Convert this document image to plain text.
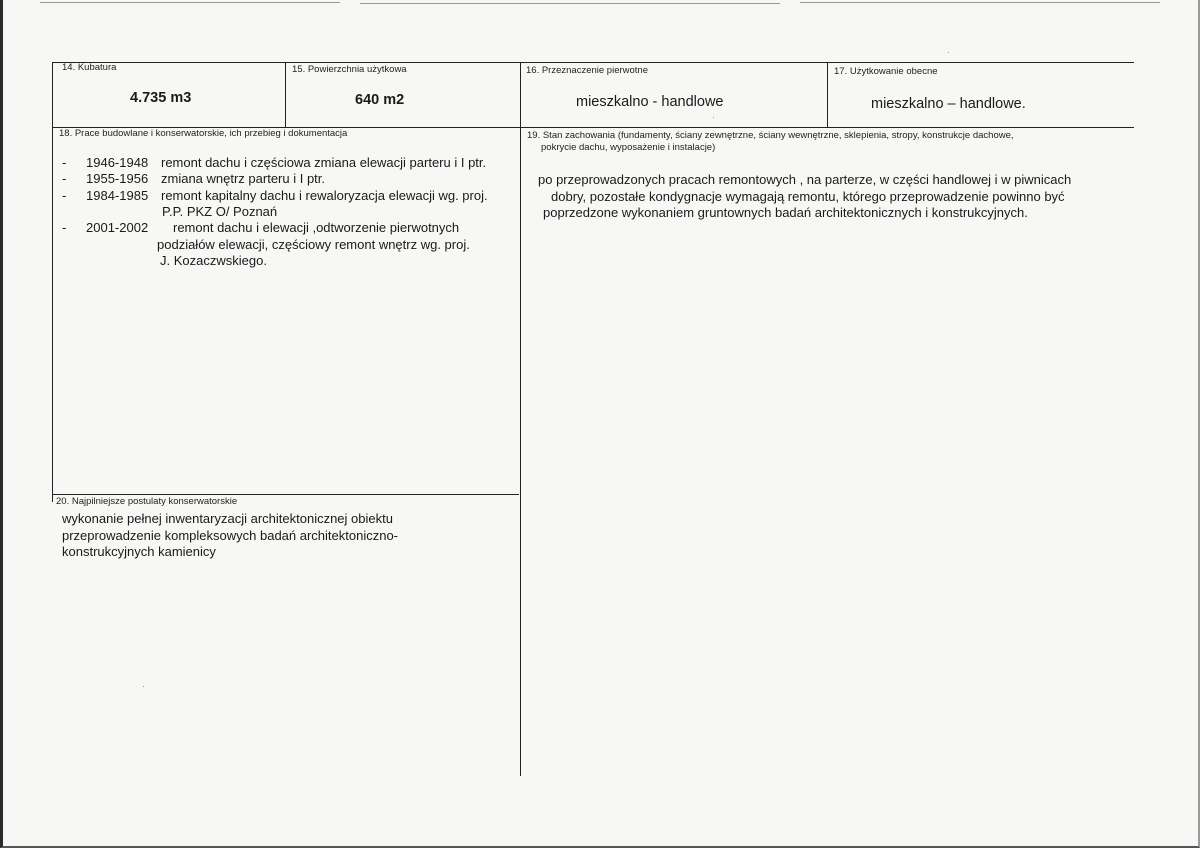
14. Kubatura
4.735 m3
15. Powierzchnia użytkowa
640 m2
16. Przeznaczenie pierwotne
mieszkalno - handlowe
17. Użytkowanie obecne
mieszkalno – handlowe.
18. Prace budowlane i konserwatorskie, ich przebieg i dokumentacja
- 1946-1948 remont dachu i częściowa zmiana elewacji parteru i I ptr.
- 1955-1956 zmiana wnętrz parteru i I ptr.
- 1984-1985 remont kapitalny dachu i rewaloryzacja elewacji wg. proj.
P.P. PKZ O/ Poznań
- 2001-2002 remont dachu i elewacji ,odtworzenie pierwotnych
podziałów elewacji, częściowy remont wnętrz wg. proj.
J. Kozaczwskiego.
19. Stan zachowania (fundamenty, ściany zewnętrzne, ściany wewnętrzne, sklepienia, stropy, konstrukcje dachowe,
pokrycie dachu, wyposażenie i instalacje)
po przeprowadzonych pracach remontowych , na parterze, w części handlowej i w piwnicach
dobry, pozostałe kondygnacje wymagają remontu, którego przeprowadzenie powinno być
poprzedzone wykonaniem gruntownych badań architektonicznych i konstrukcyjnych.
20. Najpilniejsze postulaty konserwatorskie
wykonanie pełnej inwentaryzacji architektonicznej obiektu
przeprowadzenie kompleksowych badań architektoniczno-
konstrukcyjnych kamienicy
